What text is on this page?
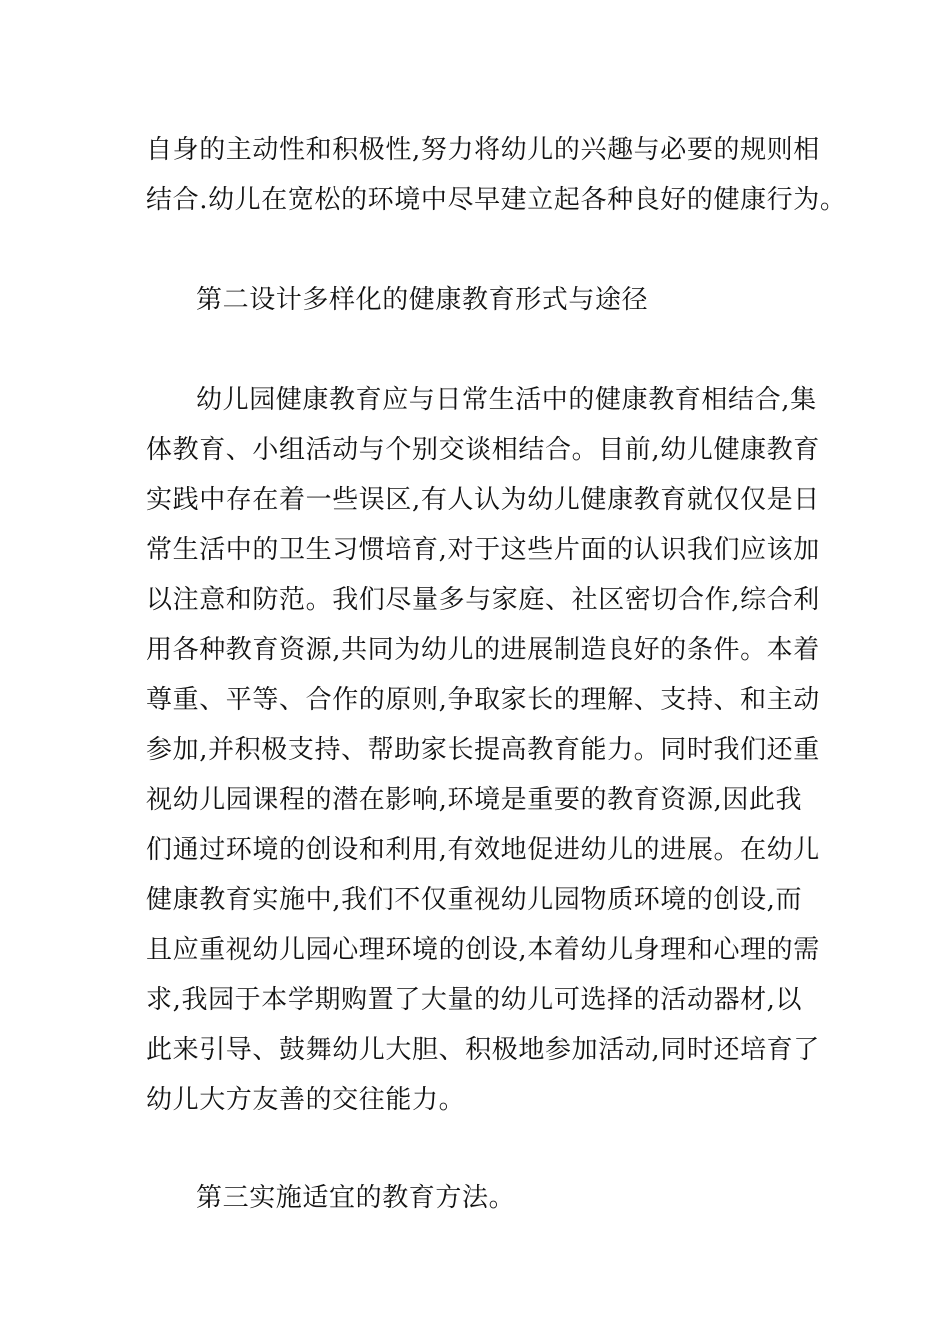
自身的主动性和积极性,努力将幼儿的兴趣与必要的规则相
结合.幼儿在宽松的环境中尽早建立起各种良好的健康行为。
第二设计多样化的健康教育形式与途径
幼儿园健康教育应与日常生活中的健康教育相结合,集
体教育、小组活动与个别交谈相结合。目前,幼儿健康教育
实践中存在着一些误区,有人认为幼儿健康教育就仅仅是日
常生活中的卫生习惯培育,对于这些片面的认识我们应该加
以注意和防范。我们尽量多与家庭、社区密切合作,综合利
用各种教育资源,共同为幼儿的进展制造良好的条件。本着
尊重、平等、合作的原则,争取家长的理解、支持、和主动
参加,并积极支持、帮助家长提高教育能力。同时我们还重
视幼儿园课程的潜在影响,环境是重要的教育资源,因此我
们通过环境的创设和利用,有效地促进幼儿的进展。在幼儿
健康教育实施中,我们不仅重视幼儿园物质环境的创设,而
且应重视幼儿园心理环境的创设,本着幼儿身理和心理的需
求,我园于本学期购置了大量的幼儿可选择的活动器材,以
此来引导、鼓舞幼儿大胆、积极地参加活动,同时还培育了
幼儿大方友善的交往能力。
第三实施适宜的教育方法。
